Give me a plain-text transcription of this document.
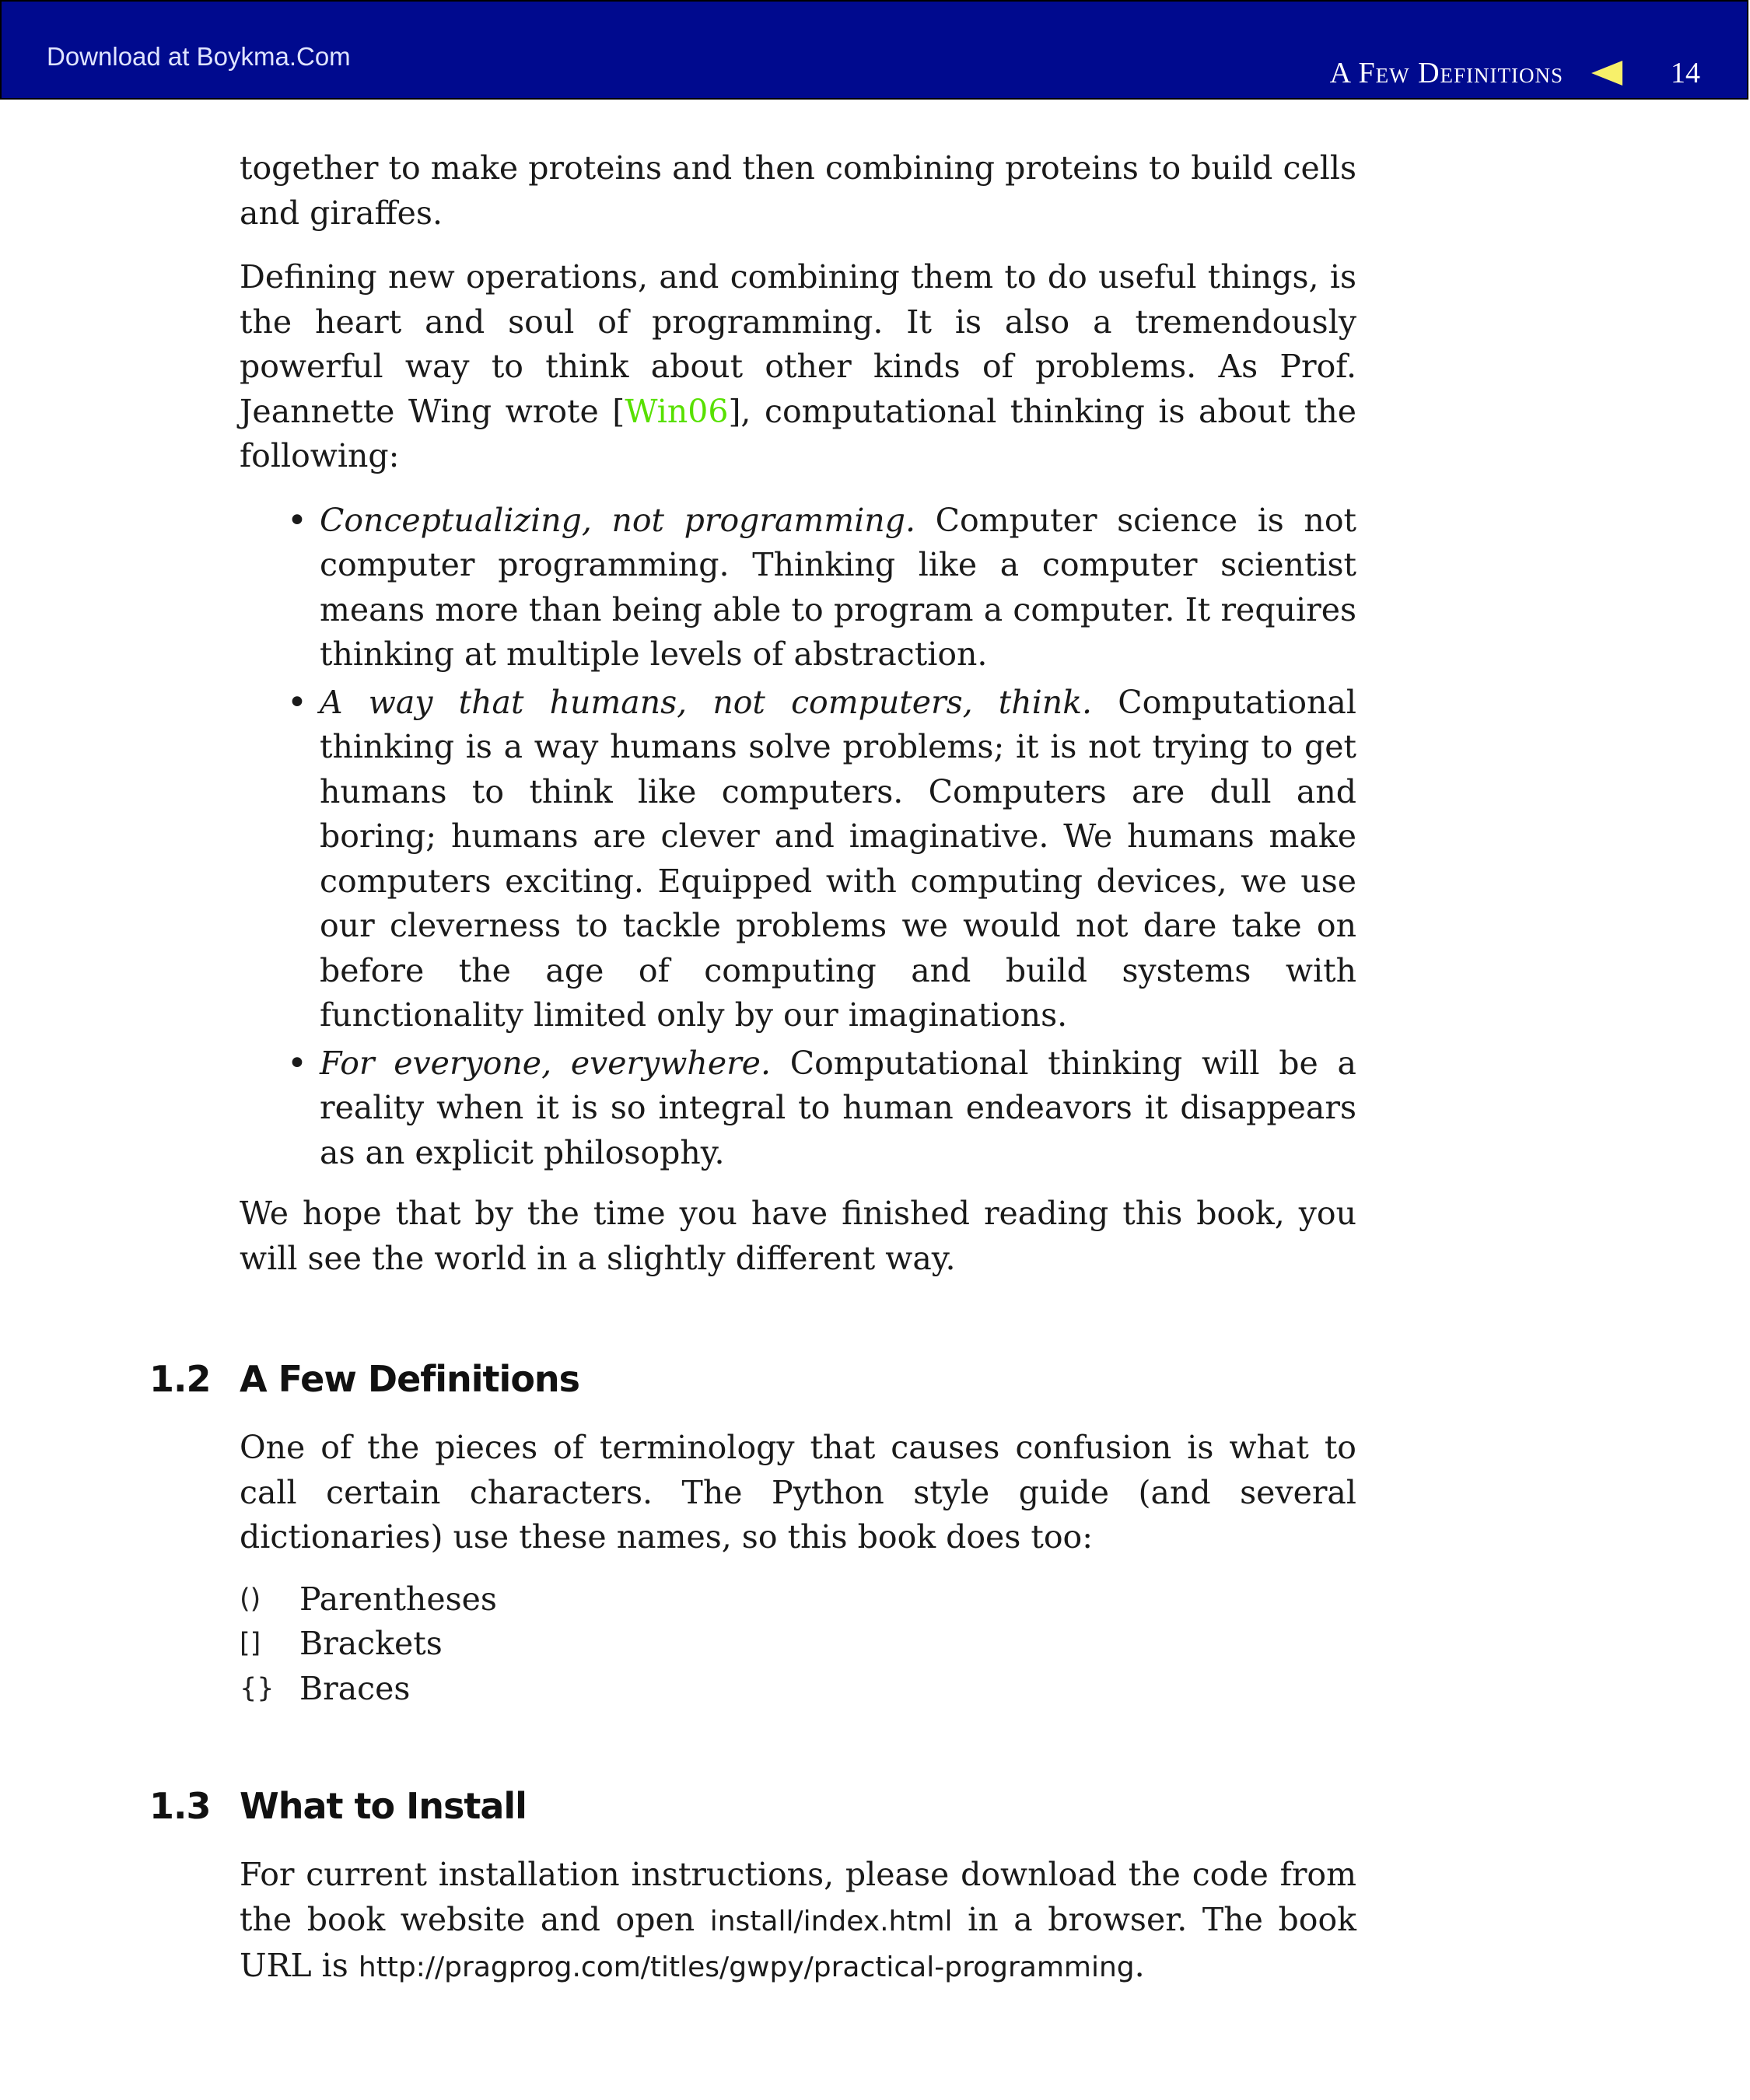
Download at Boykma.Com
A Few Definitions	14

together to make proteins and then combining proteins to build cells and giraffes.

Defining new operations, and combining them to do useful things, is the heart and soul of programming. It is also a tremendously powerful way to think about other kinds of problems. As Prof. Jeannette Wing wrote [Win06], computational thinking is about the following:

• Conceptualizing, not programming. Computer science is not computer programming. Thinking like a computer scientist means more than being able to program a computer. It requires thinking at multiple levels of abstraction.
• A way that humans, not computers, think. Computational thinking is a way humans solve problems; it is not trying to get humans to think like computers. Computers are dull and boring; humans are clever and imaginative. We humans make computers exciting. Equipped with computing devices, we use our cleverness to tackle problems we would not dare take on before the age of computing and build systems with functionality limited only by our imaginations.
• For everyone, everywhere. Computational thinking will be a reality when it is so integral to human endeavors it disappears as an explicit philosophy.

We hope that by the time you have finished reading this book, you will see the world in a slightly different way.

1.2 A Few Definitions

One of the pieces of terminology that causes confusion is what to call certain characters. The Python style guide (and several dictionaries) use these names, so this book does too:

()	Parentheses
[]	Brackets
{} Braces
1.3 What to Install

For current installation instructions, please download the code from the book website and open install/index.html in a browser. The book URL is http://pragprog.com/titles/gwpy/practical-programming.
